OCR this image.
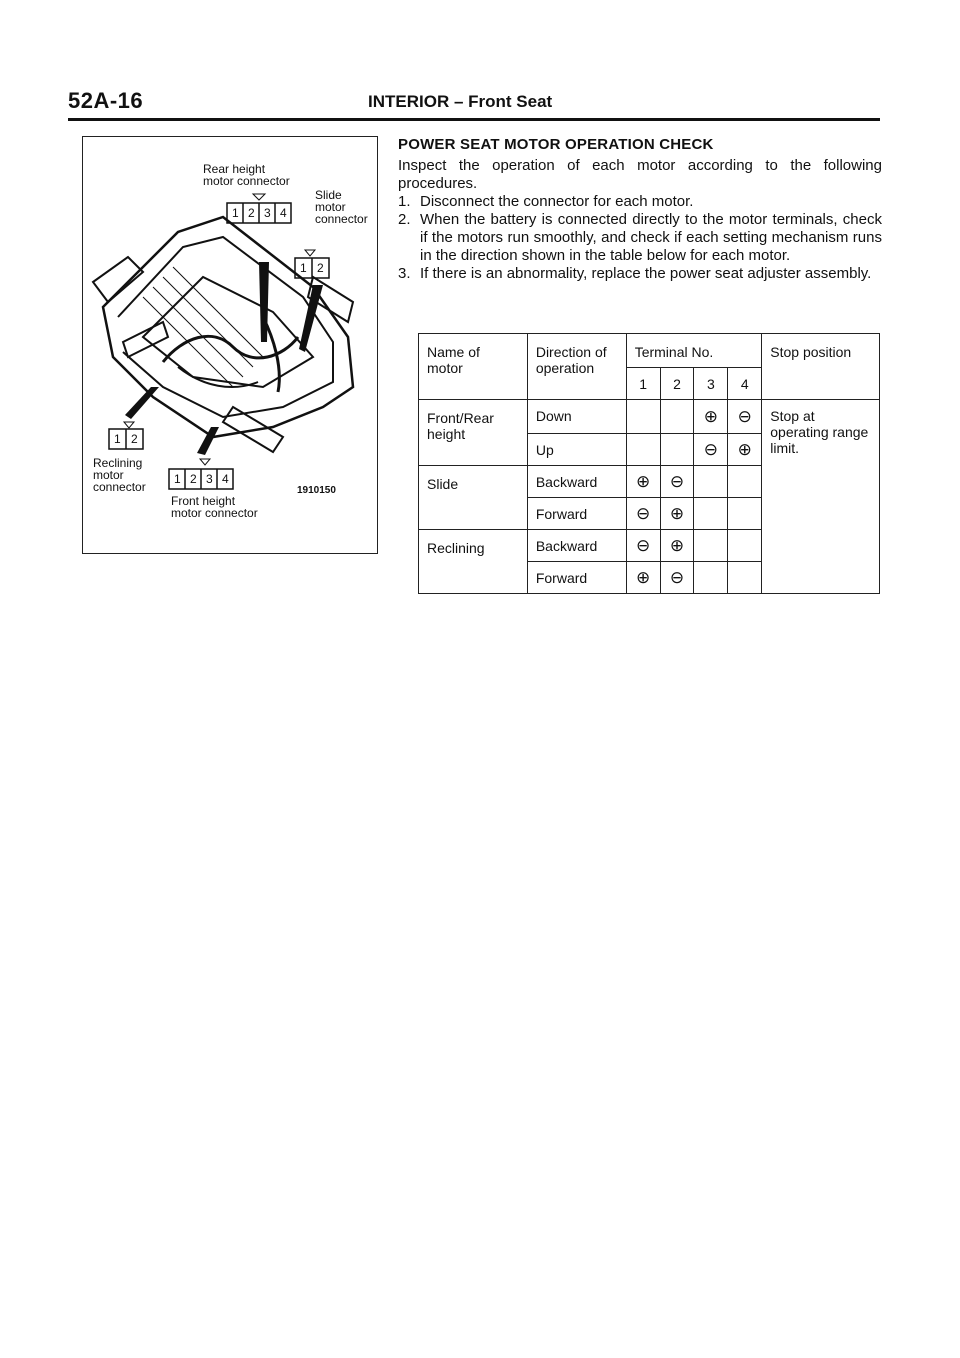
52A-16	INTERIOR – Front Seat
Rear height
motor connector
Slide
motor
connector
Reclining
motor
connector
Front height
motor connector
1910150
1 2 3 4
1 2
1 2
1 2 3 4
POWER SEAT MOTOR OPERATION CHECK

Inspect the operation of each motor according to the following procedures.

1. Disconnect the connector for each motor.
2. When the battery is connected directly to the motor terminals, check if the motors run smoothly, and check if each setting mechanism runs in the direction shown in the table below for each motor.
3. If there is an abnormality, replace the power seat adjuster assembly.
Name of motor	Direction of operation	Terminal No.				Stop position
		1	2	3	4	
Front/Rear height	Down			⊕	⊖	Stop at operating range limit.
	Up			⊖	⊕	
Slide	Backward	⊕	⊖			
	Forward	⊖	⊕			
Reclining	Backward	⊖	⊕			
	Forward	⊕	⊖			
